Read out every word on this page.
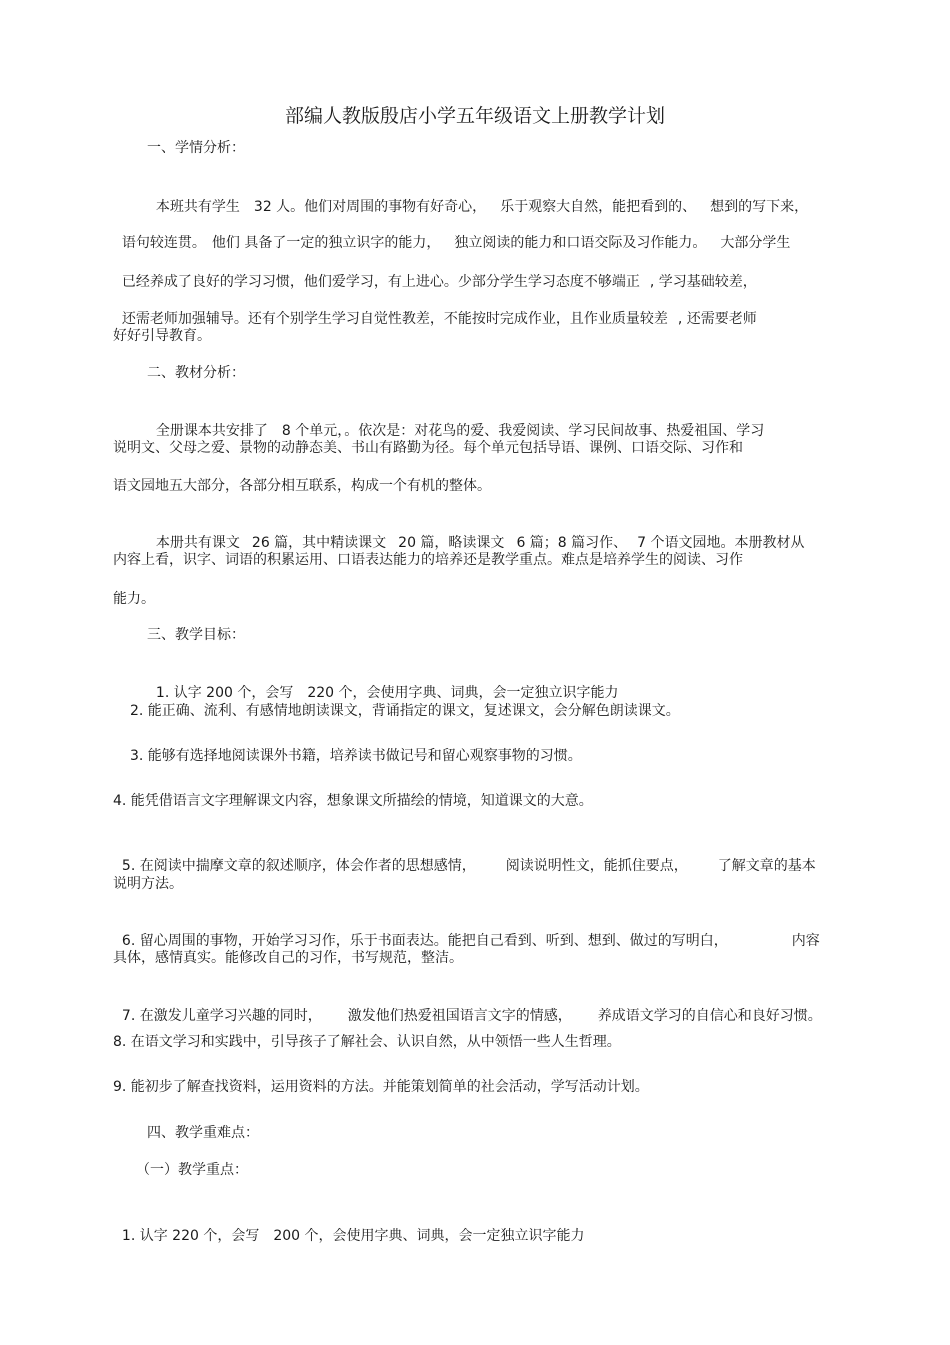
部编人教版殷店小学五年级语文上册教学计划
一、学情分析：

本班共有学生 32 人。他们对周围的事物有好奇心， 乐于观察大自然，能把看到的、 想到的写下来，

语句较连贯。 他们 具备了一定的独立识字的能力， 独立阅读的能力和口语交际及习作能力。 大部分学生

已经养成了良好的学习习惯，他们爱学习，有上进心。少部分学生学习态度不够端正 , 学习基础较差，

还需老师加强辅导。还有个别学生学习自觉性教差，不能按时完成作业，且作业质量较差 , 还需要老师

好好引导教育。
二、教材分析：

全册课本共安排了 8 个单元，。依次是：对花鸟的爱、我爱阅读、学习民间故事、热爱祖国、学习

说明文、父母之爱、景物的动静态美、书山有路勤为径。每个单元包括导语、课例、口语交际、习作和
语文园地五大部分，各部分相互联系，构成一个有机的整体。

本册共有课文 26 篇，其中精读课文 20 篇，略读课文 6 篇；8 篇习作、 7 个语文园地。本册教材从

内容上看，识字、词语的积累运用、口语表达能力的培养还是教学重点。难点是培养学生的阅读、习作
能力。
三、教学目标：

1. 认字 200 个，会写 220 个，会使用字典、词典，会一定独立识字能力

2. 能正确、流利、有感情地朗读课文，背诵指定的课文，复述课文，会分解色朗读课文。
3. 能够有选择地阅读课外书籍，培养读书做记号和留心观察事物的习惯。
4. 能凭借语言文字理解课文内容，想象课文所描绘的情境，知道课文的大意。

5. 在阅读中揣摩文章的叙述顺序，体会作者的思想感情， 阅读说明性文，能抓住要点， 了解文章的基本

说明方法。

6. 留心周围的事物，开始学习习作，乐于书面表达。能把自己看到、听到、想到、做过的写明白，	内容

具体，感情真实。能修改自己的习作，书写规范，整洁。

7. 在激发儿童学习兴趣的同时， 激发他们热爱祖国语言文字的情感， 养成语文学习的自信心和良好习惯。

8. 在语文学习和实践中，引导孩子了解社会、认识自然，从中领悟一些人生哲理。
9. 能初步了解查找资料，运用资料的方法。并能策划简单的社会活动，学写活动计划。
四、教学重难点：
（一）教学重点：

1. 认字 220 个，会写 200 个，会使用字典、词典，会一定独立识字能力
